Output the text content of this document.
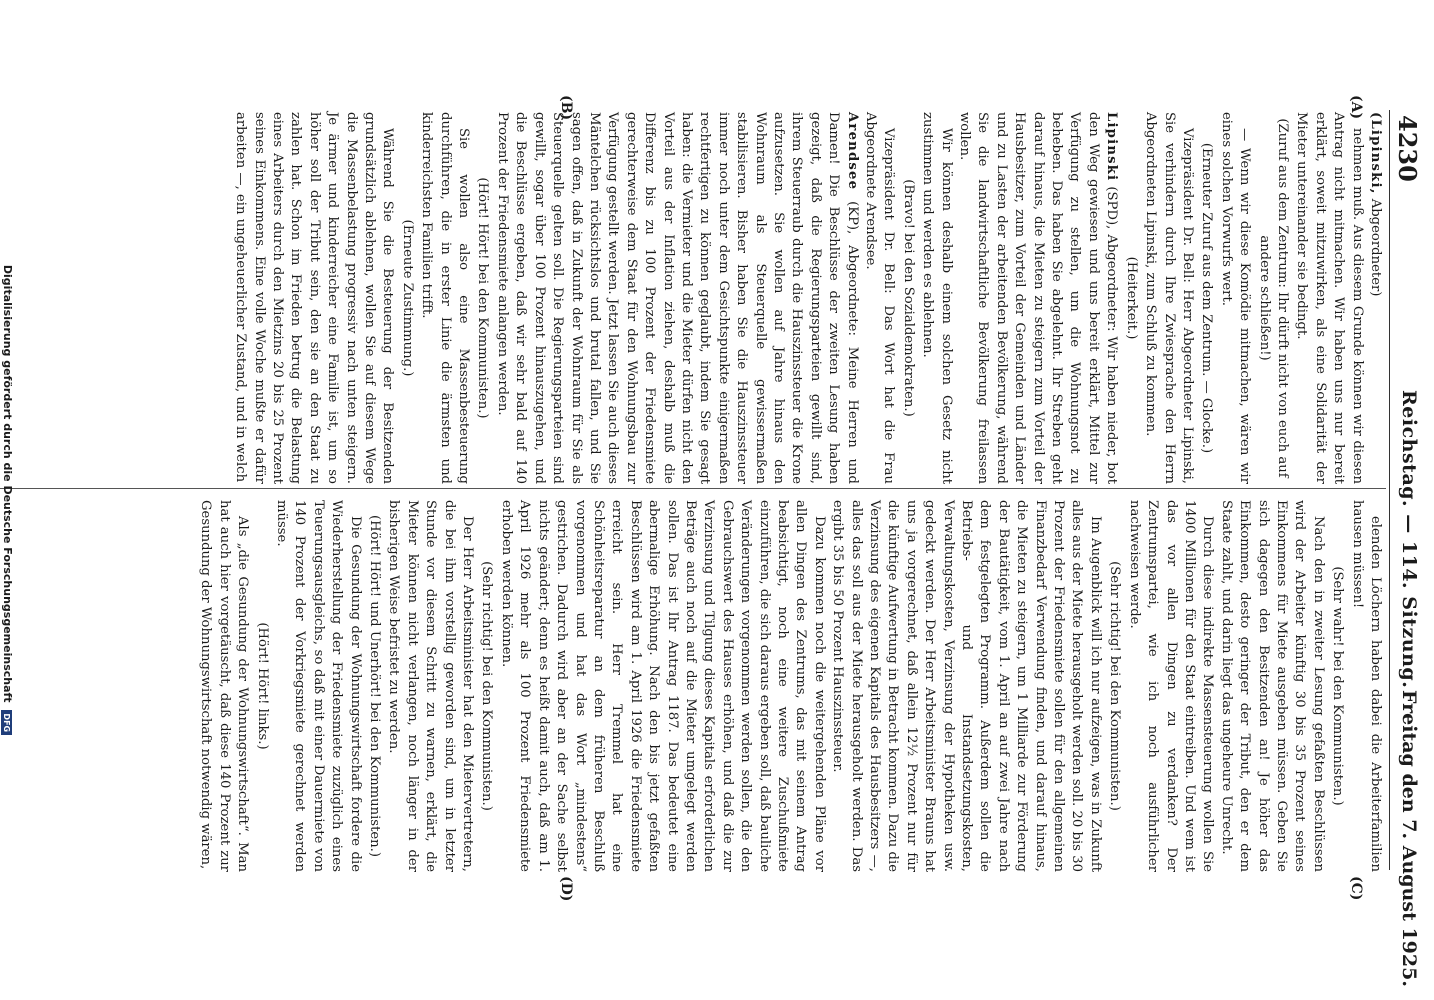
4230
Reichstag. — 114. Sitzung.
Freitag den 7. August 1925.
(A)
(B)
(C)
(D)

(Lipinski, Abgeordneter)

nehmen muß. Aus diesem Grunde können wir diesen Antrag nicht mitmachen. Wir haben uns nur bereit erklärt, soweit mitzuwirken, als eine Solidarität der Mieter untereinander sie bedingt.

(Zuruf aus dem Zentrum: Ihr dürft nicht von euch auf andere schließen!)

— Wenn wir diese Komödie mitmachen, wären wir eines solchen Vorwurfs wert.

(Erneuter Zuruf aus dem Zentrum. — Glocke.)

Vizepräsident Dr. Bell: Herr Abgeordneter Lipinski, Sie verhindern durch Ihre Zwiesprache den Herrn Abgeordneten Lipinski, zum Schluß zu kommen.

(Heiterkeit.)

Lipinski (SPD), Abgeordneter: Wir haben nieder, bot den Weg gewiesen und uns bereit erklärt, Mittel zur Verfügung zu stellen, um die Wohnungsnot zu beheben. Das haben Sie abgelehnt. Ihr Streben geht darauf hinaus, die Mieten zu steigern zum Vorteil der Hausbesitzer, zum Vorteil der Gemeinden und Länder und zu Lasten der arbeitenden Bevölkerung, während Sie die landwirtschaftliche Bevölkerung freilassen wollen.

Wir können deshalb einem solchen Gesetz nicht zustimmen und werden es ablehnen.

(Bravo! bei den Sozialdemokraten.)

Vizepräsident Dr. Bell: Das Wort hat die Frau Abgeordnete Arendsee.

Arendsee (KP), Abgeordnete: Meine Herren und Damen! Die Beschlüsse der zweiten Lesung haben gezeigt, daß die Regierungsparteien gewillt sind, ihrem Steuerraub durch die Hauszinssteuer die Krone aufzusetzen. Sie wollen auf Jahre hinaus den Wohnraum als Steuerquelle gewissermaßen stabilisieren. Bisher haben Sie die Hauszinssteuer immer noch unter dem Gesichtspunkte einigermaßen rechtfertigen zu können geglaubt, indem Sie gesagt haben: die Vermieter und die Mieter dürfen nicht den Vorteil aus der Inflation ziehen, deshalb muß die Differenz bis zu 100 Prozent der Friedensmiete gerechterweise dem Staat für den Wohnungsbau zur Verfügung gestellt werden. Jetzt lassen Sie auch dieses Mäntelchen rücksichtslos und brutal fallen, und Sie sagen offen, daß in Zukunft der Wohnraum für Sie als Steuerquelle gelten soll. Die Regierungsparteien sind gewillt, sogar über 100 Prozent hinauszugehen, und die Beschlüsse ergeben, daß wir sehr bald auf 140 Prozent der Friedensmiete anlangen werden.

(Hört! Hört! bei den Kommunisten.)

Sie wollen also eine Massenbesteuerung durchführen, die in erster Linie die ärmsten und kinderreichsten Familien trifft.

(Erneute Zustimmung.)

Während Sie die Besteuerung der Besitzenden grundsätzlich ablehnen, wollen Sie auf diesem Wege die Massenbelastung progressiv nach unten steigern. Je ärmer und kinderreicher eine Familie ist, um so höher soll der Tribut sein, den sie an den Staat zu zahlen hat. Schon im Frieden betrug die Belastung eines Arbeiters durch den Mietzins 20 bis 25 Prozent seines Einkommens. Eine volle Woche mußte er dafür arbeiten —, ein ungeheuerlicher Zustand, und in welch

elenden Löchern haben dabei die Arbeiterfamilien hausen müssen!

(Sehr wahr! bei den Kommunisten.)

Nach den in zweiter Lesung gefaßten Beschlüssen wird der Arbeiter künftig 30 bis 35 Prozent seines Einkommens für Miete ausgeben müssen. Geben Sie sich dagegen den Besitzenden an! Je höher das Einkommen, desto geringer der Tribut, den er dem Staate zahlt, und darin liegt das ungeheure Unrecht.

Durch diese indirekte Massensteuerung wollen Sie 1400 Millionen für den Staat eintreiben. Und wem ist das vor allen Dingen zu verdanken? Der Zentrumspartei, wie ich noch ausführlicher nachweisen werde.

(Sehr richtig! bei den Kommunisten.)

Im Augenblick will ich nur aufzeigen, was in Zukunft alles aus der Miete herausgeholt werden soll. 20 bis 30 Prozent der Friedensmiete sollen für den allgemeinen Finanzbedarf Verwendung finden, und darauf hinaus, die Mieten zu steigern, um 1 Milliarde zur Förderung der Bautätigkeit, vom 1. April an auf zwei Jahre nach dem festgelegten Programm. Außerdem sollen die Betriebs- und Instandsetzungskosten, Verwaltungskosten, Verzinsung der Hypotheken usw. gedeckt werden. Der Herr Arbeitsminister Brauns hat uns ja vorgerechnet, daß allein 12½ Prozent nur für die künftige Aufwertung in Betracht kommen. Dazu die Verzinsung des eigenen Kapitals des Hausbesitzers —, alles das soll aus der Miete herausgeholt werden. Das ergibt 35 bis 50 Prozent Hauszinssteuer.

Dazu kommen noch die weitergehenden Pläne vor allen Dingen des Zentrums, das mit seinem Antrag beabsichtigt, noch eine weitere Zuschußmiete einzuführen, die sich daraus ergeben soll, daß bauliche Veränderungen vorgenommen werden sollen, die den Gebrauchswert des Hauses erhöhen, und daß die zur Verzinsung und Tilgung dieses Kapitals erforderlichen Beträge auch noch auf die Mieter umgelegt werden sollen. Das ist Ihr Antrag 1187. Das bedeutet eine abermalige Erhöhung. Nach den bis jetzt gefaßten Beschlüssen wird am 1. April 1926 die Friedensmiete erreicht sein. Herr Tremmel hat eine Schönheitsreparatur an dem früheren Beschluß vorgenommen und hat das Wort „mindestens“ gestrichen. Dadurch wird aber an der Sache selbst nichts geändert; denn es heißt damit auch, daß am 1. April 1926 mehr als 100 Prozent Friedensmiete erhoben werden können.

(Sehr richtig! bei den Kommunisten.)

Der Herr Arbeitsminister hat den Mietervertretern, die bei ihm vorstellig geworden sind, um in letzter Stunde vor diesem Schritt zu warnen, erklärt, die Mieter können nicht verlangen, noch länger in der bisherigen Weise befristet zu werden.

(Hört! Hört! und Unerhört! bei den Kommunisten.)

Die Gesundung der Wohnungswirtschaft fordere die Wiederherstellung der Friedensmiete zuzüglich eines Teuerungsausgleichs, so daß mit einer Dauermiete von 140 Prozent der Vorkriegsmiete gerechnet werden müsse.

(Hört! Hört! links.)

Als „die Gesundung der Wohnungswirtschaft“. Man hat auch hier vorgetäuscht, daß diese 140 Prozent zur Gesundung der Wohnungswirtschaft notwendig wären,

Digitalisierung gefördert durch die Deutsche Forschungsgemeinschaft DFG
